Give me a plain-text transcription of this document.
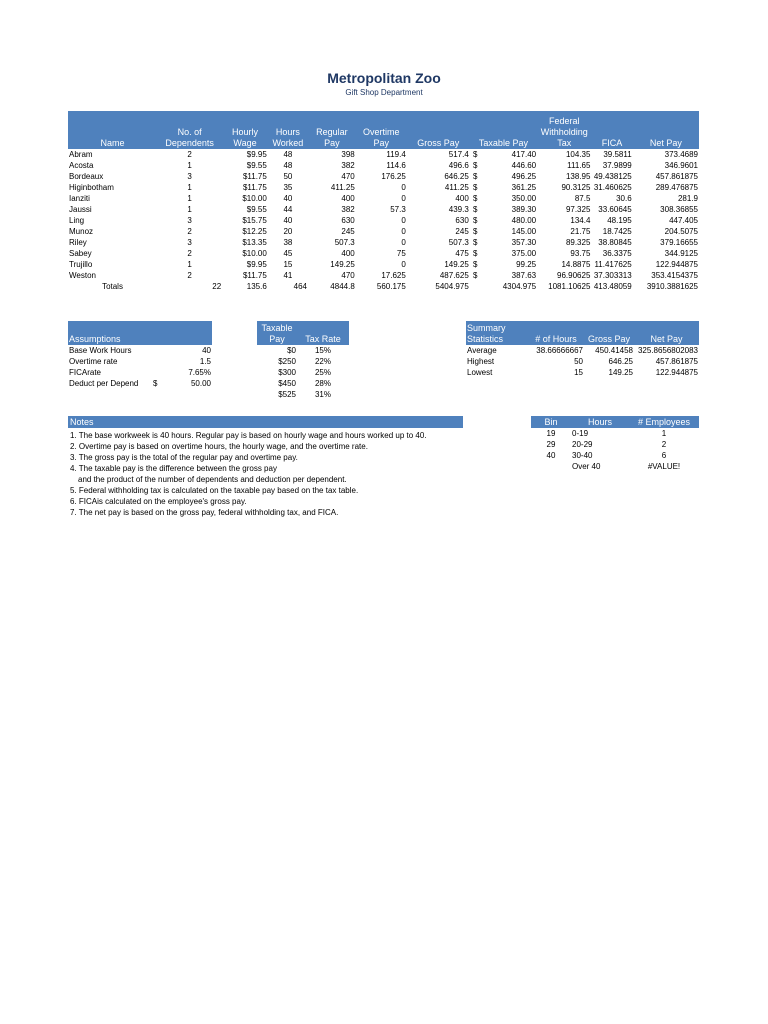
Metropolitan Zoo
Gift Shop Department
Name	No. of Dependents	Hourly Wage	Hours Worked	Regular Pay	Overtime Pay	Gross Pay	Taxable Pay		Federal Withholding Tax	FICA	Net Pay
Abram	2	$9.95	48	398	119.4	517.4	$	417.40	104.35	39.5811	373.4689
Acosta	1	$9.55	48	382	114.6	496.6	$	446.60	111.65	37.9899	346.9601
Bordeaux	3	$11.75	50	470	176.25	646.25	$	496.25	138.95	49.438125	457.861875
Higinbotham	1	$11.75	35	411.25	0	411.25	$	361.25	90.3125	31.460625	289.476875
Ianziti	1	$10.00	40	400	0	400	$	350.00	87.5	30.6	281.9
Jaussi	1	$9.55	44	382	57.3	439.3	$	389.30	97.325	33.60645	308.36855
Ling	3	$15.75	40	630	0	630	$	480.00	134.4	48.195	447.405
Munoz	2	$12.25	20	245	0	245	$	145.00	21.75	18.7425	204.5075
Riley	3	$13.35	38	507.3	0	507.3	$	357.30	89.325	38.80845	379.16655
Sabey	2	$10.00	45	400	75	475	$	375.00	93.75	36.3375	344.9125
Trujillo	1	$9.95	15	149.25	0	149.25	$	99.25	14.8875	11.417625	122.944875
Weston	2	$11.75	41	470	17.625	487.625	$	387.63	96.90625	37.303313	353.4154375
Totals	22	135.6	464	4844.8	560.175	5404.975	4304.975		1081.10625	413.48059	3910.3881625
Assumptions		
Base Work Hours		40
Overtime rate		1.5
FICArate		7.65%
Deduct per Depend	$	50.00
Taxable Pay	Tax Rate
$0	15%
$250	22%
$300	25%
$450	28%
$525	31%
Summary Statistics	# of Hours	Gross Pay	Net Pay
Average	38.66666667	450.41458	325.8656802083
Highest	50	646.25	457.861875
Lowest	15	149.25	122.944875
Notes
1. The base workweek is 40 hours. Regular pay is based on hourly wage and hours worked up to 40.
2. Overtime pay is based on overtime hours, the hourly wage, and the overtime rate.
3. The gross pay is the total of the regular pay and overtime pay.
4. The taxable pay is the difference between the gross pay
and the product of the number of dependents and deduction per dependent.
5. Federal withholding tax is calculated on the taxable pay based on the tax table.
6. FICAis calculated on the employee's gross pay.
7. The net pay is based on the gross pay, federal withholding tax, and FICA.
Bin	Hours	# Employees
19	0-19	1
29	20-29	2
40	30-40	6
	Over 40	#VALUE!
